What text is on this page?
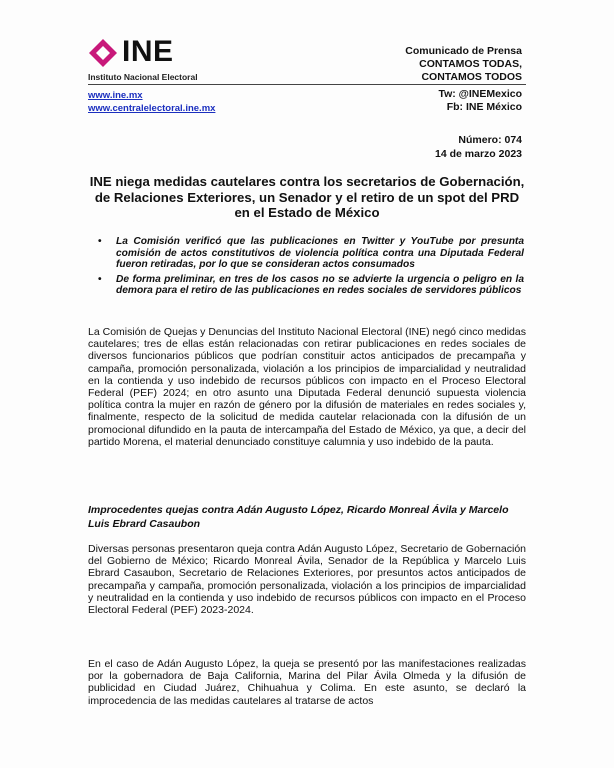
INE
Instituto Nacional Electoral
Comunicado de Prensa
CONTAMOS TODAS,
CONTAMOS TODOS
www.ine.mx
www.centralelectoral.ine.mx
Tw: @INEMexico
Fb: INE México
Número: 074
14 de marzo 2023
INE niega medidas cautelares contra los secretarios de Gobernación, de Relaciones Exteriores, un Senador y el retiro de un spot del PRD en el Estado de México
• La Comisión verificó que las publicaciones en Twitter y YouTube por presunta comisión de actos constitutivos de violencia política contra una Diputada Federal fueron retiradas, por lo que se consideran actos consumados
• De forma preliminar, en tres de los casos no se advierte la urgencia o peligro en la demora para el retiro de las publicaciones en redes sociales de servidores públicos

La Comisión de Quejas y Denuncias del Instituto Nacional Electoral (INE) negó cinco medidas cautelares; tres de ellas están relacionadas con retirar publicaciones en redes sociales de diversos funcionarios públicos que podrían constituir actos anticipados de precampaña y campaña, promoción personalizada, violación a los principios de imparcialidad y neutralidad en la contienda y uso indebido de recursos públicos con impacto en el Proceso Electoral Federal (PEF) 2024; en otro asunto una Diputada Federal denunció supuesta violencia política contra la mujer en razón de género por la difusión de materiales en redes sociales y, finalmente, respecto de la solicitud de medida cautelar relacionada con la difusión de un promocional difundido en la pauta de intercampaña del Estado de México, ya que, a decir del partido Morena, el material denunciado constituye calumnia y uso indebido de la pauta.

Improcedentes quejas contra Adán Augusto López, Ricardo Monreal Ávila y Marcelo Luis Ebrard Casaubon

Diversas personas presentaron queja contra Adán Augusto López, Secretario de Gobernación del Gobierno de México; Ricardo Monreal Ávila, Senador de la República y Marcelo Luis Ebrard Casaubon, Secretario de Relaciones Exteriores, por presuntos actos anticipados de precampaña y campaña, promoción personalizada, violación a los principios de imparcialidad y neutralidad en la contienda y uso indebido de recursos públicos con impacto en el Proceso Electoral Federal (PEF) 2023-2024.

En el caso de Adán Augusto López, la queja se presentó por las manifestaciones realizadas por la gobernadora de Baja California, Marina del Pilar Ávila Olmeda y la difusión de publicidad en Ciudad Juárez, Chihuahua y Colima. En este asunto, se declaró la improcedencia de las medidas cautelares al tratarse de actos
